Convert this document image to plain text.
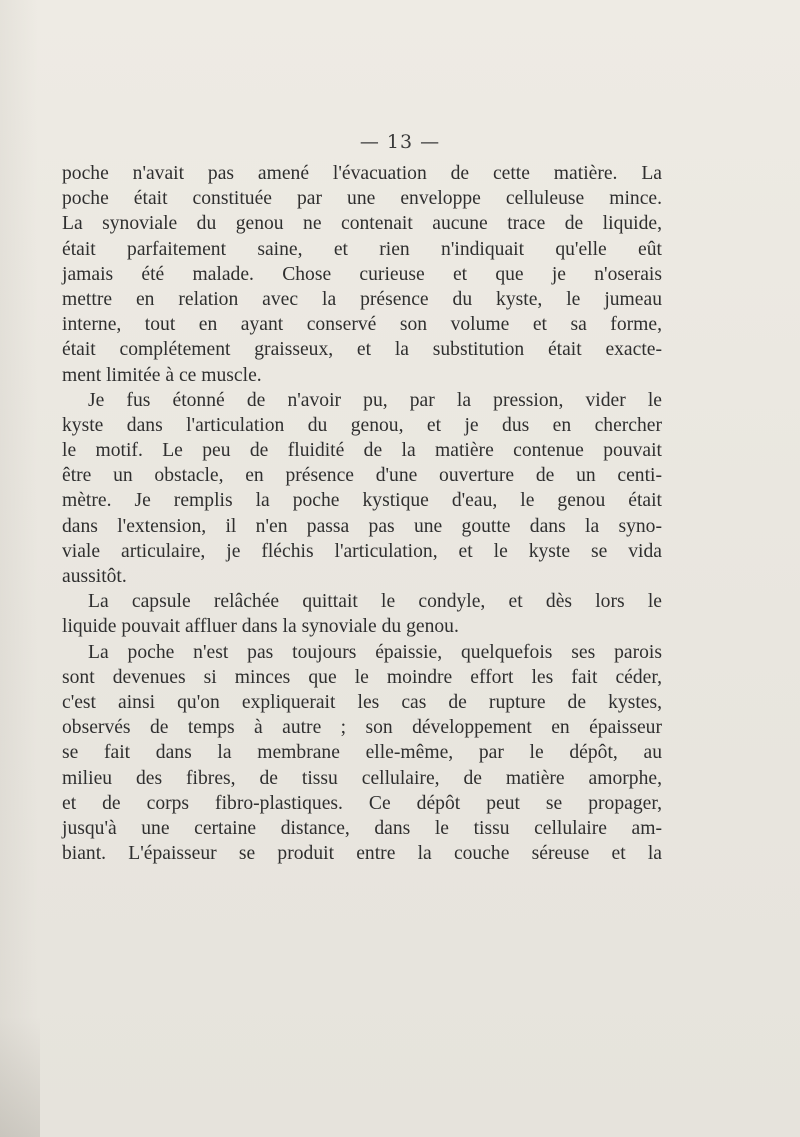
— 13 —
poche n'avait pas amené l'évacuation de cette matière. La
poche était constituée par une enveloppe celluleuse mince.
La synoviale du genou ne contenait aucune trace de liquide,
était parfaitement saine, et rien n'indiquait qu'elle eût
jamais été malade. Chose curieuse et que je n'oserais
mettre en relation avec la présence du kyste, le jumeau
interne, tout en ayant conservé son volume et sa forme,
était complétement graisseux, et la substitution était exacte-
ment limitée à ce muscle.
Je fus étonné de n'avoir pu, par la pression, vider le
kyste dans l'articulation du genou, et je dus en chercher
le motif. Le peu de fluidité de la matière contenue pouvait
être un obstacle, en présence d'une ouverture de un centi-
mètre. Je remplis la poche kystique d'eau, le genou était
dans l'extension, il n'en passa pas une goutte dans la syno-
viale articulaire, je fléchis l'articulation, et le kyste se vida
aussitôt.
La capsule relâchée quittait le condyle, et dès lors le
liquide pouvait affluer dans la synoviale du genou.
La poche n'est pas toujours épaissie, quelquefois ses parois
sont devenues si minces que le moindre effort les fait céder,
c'est ainsi qu'on expliquerait les cas de rupture de kystes,
observés de temps à autre ; son développement en épaisseur
se fait dans la membrane elle-même, par le dépôt, au
milieu des fibres, de tissu cellulaire, de matière amorphe,
et de corps fibro-plastiques. Ce dépôt peut se propager,
jusqu'à une certaine distance, dans le tissu cellulaire am-
biant. L'épaisseur se produit entre la couche séreuse et la
